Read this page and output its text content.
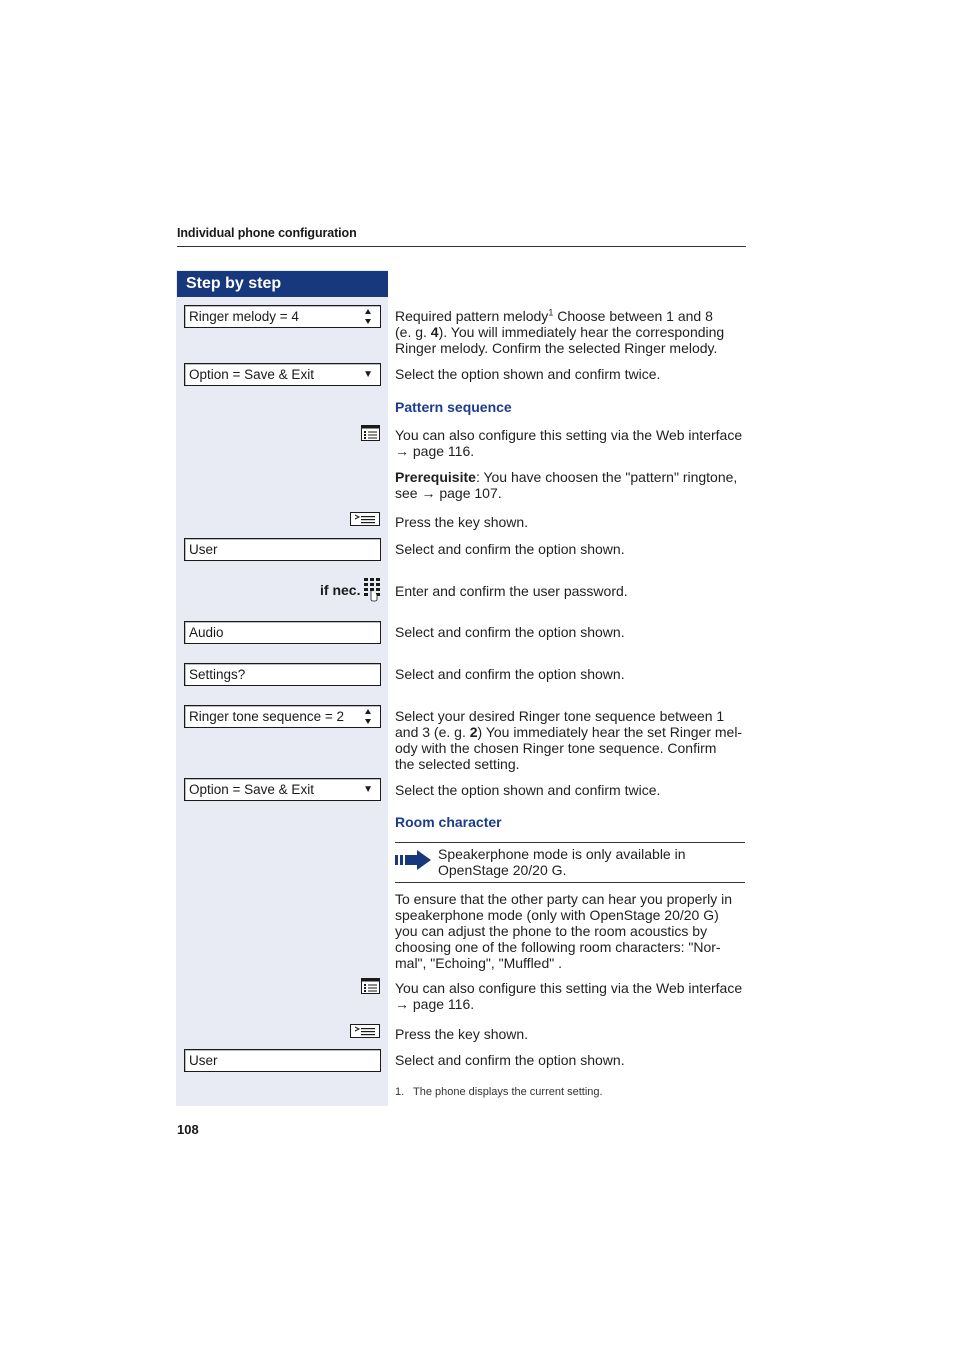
Individual phone configuration
Step by step
Ringer melody = 4
Option = Save & Exit	▼
User
Audio
Settings?
Ringer tone sequence = 2
Option = Save & Exit	▼
User
if nec.
Required pattern melody$^1$ Choose between 1 and 8
(e. g. 4). You will immediately hear the corresponding
Ringer melody. Confirm the selected Ringer melody.
Select the option shown and confirm twice.
Pattern sequence
You can also configure this setting via the Web interface
→ page 116.
Prerequisite: You have choosen the "pattern" ringtone,
see → page 107.
Press the key shown.
Select and confirm the option shown.
Enter and confirm the user password.
Select and confirm the option shown.
Select and confirm the option shown.
Select your desired Ringer tone sequence between 1
and 3 (e. g. 2) You immediately hear the set Ringer mel-
ody with the chosen Ringer tone sequence. Confirm
the selected setting.
Select the option shown and confirm twice.
Room character
Speakerphone mode is only available in
OpenStage 20/20 G.
To ensure that the other party can hear you properly in
speakerphone mode (only with OpenStage 20/20 G)
you can adjust the phone to the room acoustics by
choosing one of the following room characters: "Nor-
mal", "Echoing", "Muffled" .
You can also configure this setting via the Web interface
→ page 116.
Press the key shown.
Select and confirm the option shown.
1. The phone displays the current setting.
108
